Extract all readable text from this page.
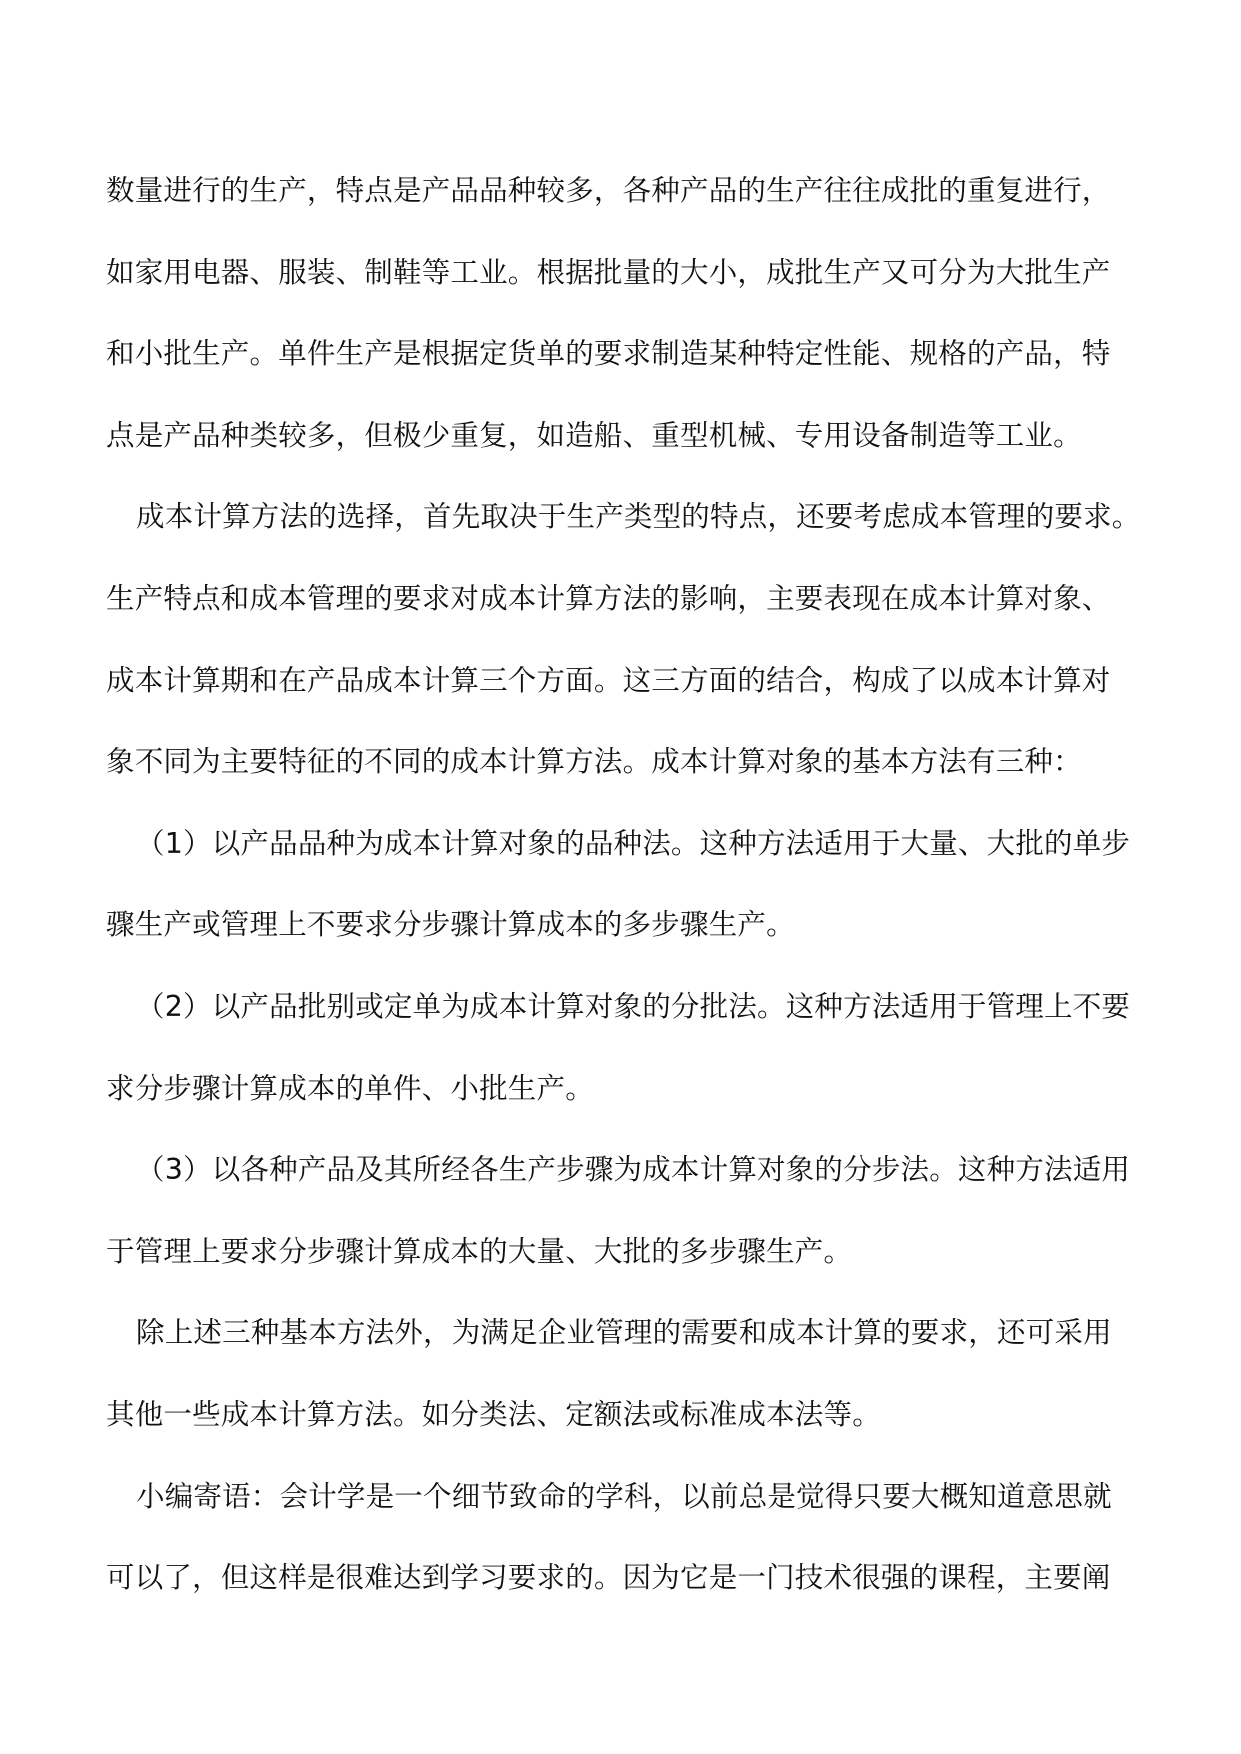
数量进行的生产，特点是产品品种较多，各种产品的生产往往成批的重复进行，
如家用电器、服装、制鞋等工业。根据批量的大小，成批生产又可分为大批生产
和小批生产。单件生产是根据定货单的要求制造某种特定性能、规格的产品，特
点是产品种类较多，但极少重复，如造船、重型机械、专用设备制造等工业。
成本计算方法的选择，首先取决于生产类型的特点，还要考虑成本管理的要求。
生产特点和成本管理的要求对成本计算方法的影响，主要表现在成本计算对象、
成本计算期和在产品成本计算三个方面。这三方面的结合，构成了以成本计算对
象不同为主要特征的不同的成本计算方法。成本计算对象的基本方法有三种：
（1）以产品品种为成本计算对象的品种法。这种方法适用于大量、大批的单步
骤生产或管理上不要求分步骤计算成本的多步骤生产。
（2）以产品批别或定单为成本计算对象的分批法。这种方法适用于管理上不要
求分步骤计算成本的单件、小批生产。
（3）以各种产品及其所经各生产步骤为成本计算对象的分步法。这种方法适用
于管理上要求分步骤计算成本的大量、大批的多步骤生产。
除上述三种基本方法外，为满足企业管理的需要和成本计算的要求，还可采用
其他一些成本计算方法。如分类法、定额法或标准成本法等。
小编寄语：会计学是一个细节致命的学科，以前总是觉得只要大概知道意思就
可以了，但这样是很难达到学习要求的。因为它是一门技术很强的课程，主要阐
